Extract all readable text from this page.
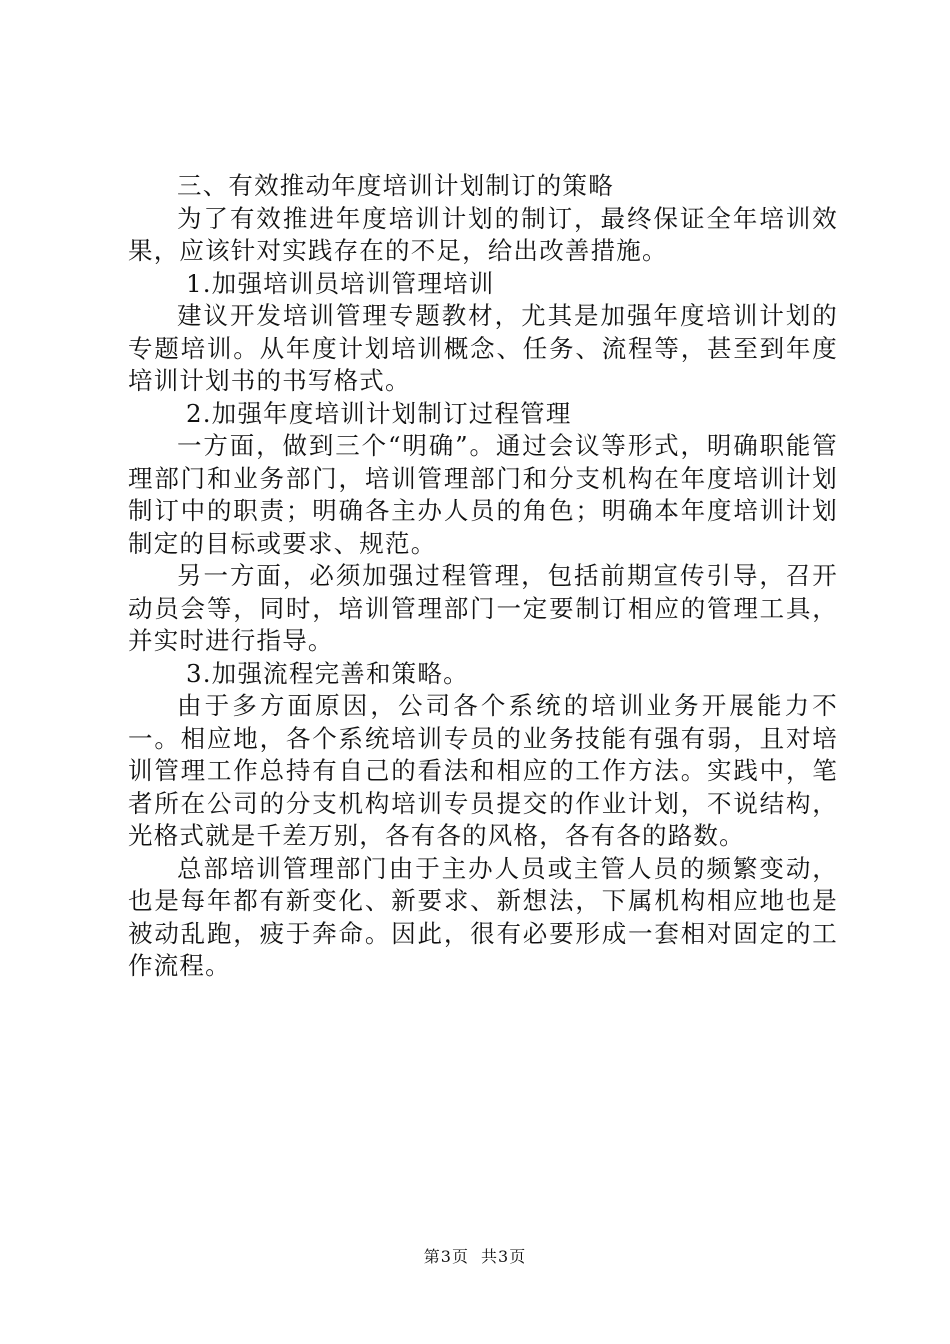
三、有效推动年度培训计划制订的策略

为了有效推进年度培训计划的制订，最终保证全年培训效果，应该针对实践存在的不足，给出改善措施。

1.加强培训员培训管理培训

建议开发培训管理专题教材，尤其是加强年度培训计划的专题培训。从年度计划培训概念、任务、流程等，甚至到年度培训计划书的书写格式。

2.加强年度培训计划制订过程管理

一方面，做到三个“明确”。通过会议等形式，明确职能管理部门和业务部门，培训管理部门和分支机构在年度培训计划制订中的职责；明确各主办人员的角色；明确本年度培训计划制定的目标或要求、规范。

另一方面，必须加强过程管理，包括前期宣传引导，召开动员会等，同时，培训管理部门一定要制订相应的管理工具，并实时进行指导。

3.加强流程完善和策略。

由于多方面原因，公司各个系统的培训业务开展能力不一。相应地，各个系统培训专员的业务技能有强有弱，且对培训管理工作总持有自己的看法和相应的工作方法。实践中，笔者所在公司的分支机构培训专员提交的作业计划，不说结构，光格式就是千差万别，各有各的风格，各有各的路数。

总部培训管理部门由于主办人员或主管人员的频繁变动，也是每年都有新变化、新要求、新想法，下属机构相应地也是被动乱跑，疲于奔命。因此，很有必要形成一套相对固定的工作流程。

第3页 共3页
